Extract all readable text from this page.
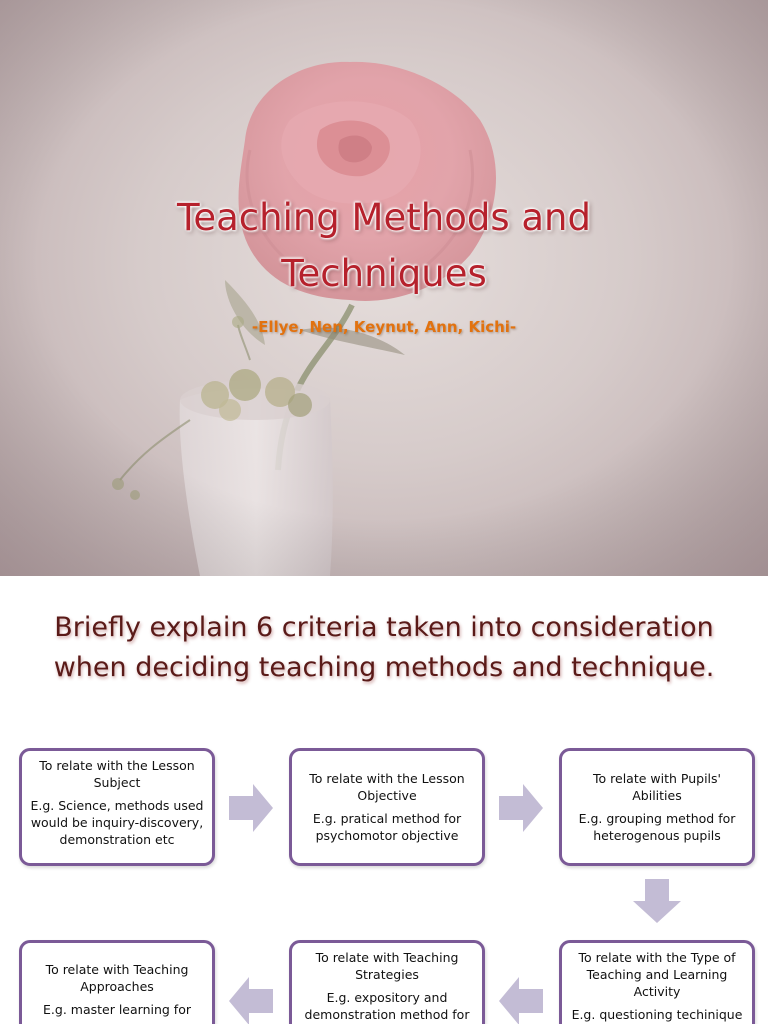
Teaching Methods and
Techniques
-Ellye, Nen, Keynut, Ann, Kichi-
Briefly explain 6 criteria taken into consideration
when deciding teaching methods and technique.

To relate with the Lesson Subject

E.g. Science, methods used would be inquiry-discovery, demonstration etc

To relate with the Lesson Objective

E.g. pratical method for psychomotor objective

To relate with Pupils' Abilities

E.g. grouping method for heterogenous pupils

To relate with the Type of Teaching and Learning Activity

E.g. questioning techinique

To relate with Teaching Strategies

E.g. expository and demonstration method for

To relate with Teaching Approaches

E.g. master learning for
